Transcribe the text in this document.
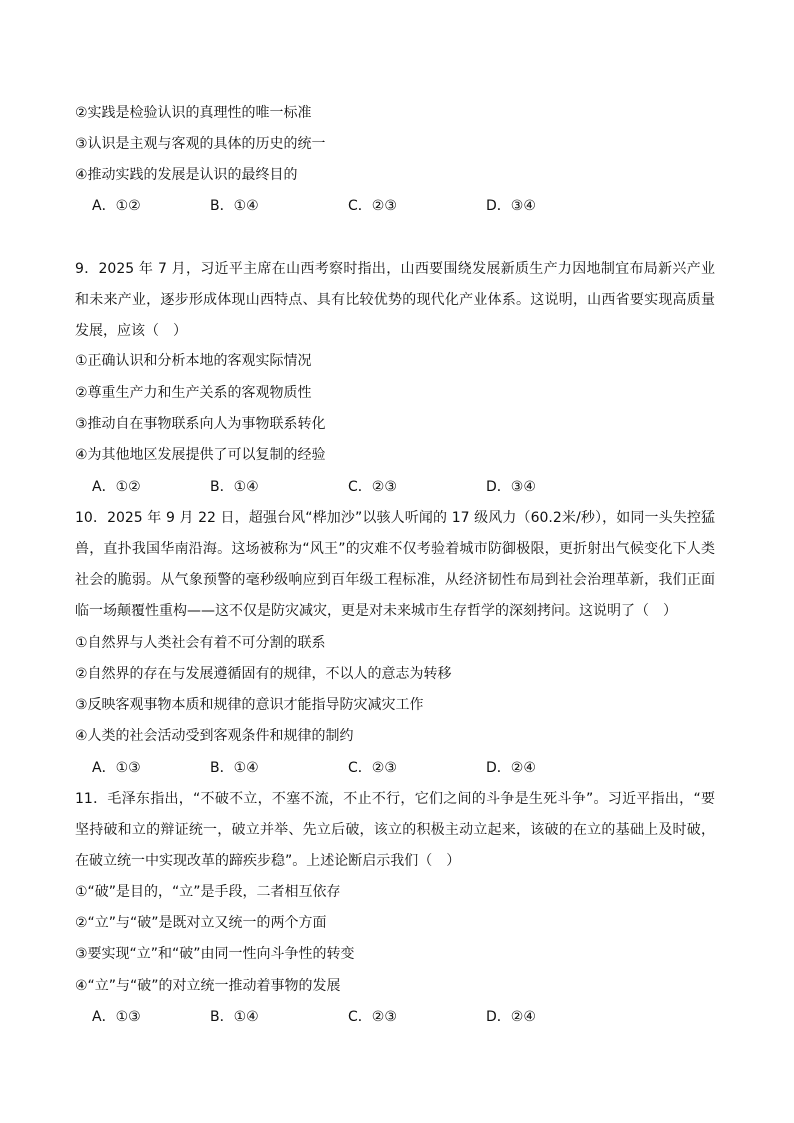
②实践是检验认识的真理性的唯一标准
③认识是主观与客观的具体的历史的统一
④推动实践的发展是认识的最终目的
A．①②	B．①④	C．②③	D．③④
9．2025 年 7 月，习近平主席在山西考察时指出，山西要围绕发展新质生产力因地制宜布局新兴产业和未来产业，逐步形成体现山西特点、具有比较优势的现代化产业体系。这说明，山西省要实现高质量发展，应该（　）
①正确认识和分析本地的客观实际情况
②尊重生产力和生产关系的客观物质性
③推动自在事物联系向人为事物联系转化
④为其他地区发展提供了可以复制的经验
A．①②	B．①④	C．②③	D．③④
10．2025 年 9 月 22 日，超强台风“桦加沙”以骇人听闻的 17 级风力（60.2米/秒），如同一头失控猛兽，直扑我国华南沿海。这场被称为“风王”的灾难不仅考验着城市防御极限，更折射出气候变化下人类社会的脆弱。从气象预警的毫秒级响应到百年级工程标准，从经济韧性布局到社会治理革新，我们正面临一场颠覆性重构——这不仅是防灾减灾，更是对未来城市生存哲学的深刻拷问。这说明了（　）
①自然界与人类社会有着不可分割的联系
②自然界的存在与发展遵循固有的规律，不以人的意志为转移
③反映客观事物本质和规律的意识才能指导防灾减灾工作
④人类的社会活动受到客观条件和规律的制约
A．①③	B．①④	C．②③	D．②④
11．毛泽东指出，“不破不立，不塞不流，不止不行，它们之间的斗争是生死斗争”。习近平指出，“要坚持破和立的辩证统一，破立并举、先立后破，该立的积极主动立起来，该破的在立的基础上及时破，在破立统一中实现改革的蹄疾步稳”。上述论断启示我们（　）
①“破”是目的，“立”是手段，二者相互依存
②“立”与“破”是既对立又统一的两个方面
③要实现“立”和“破”由同一性向斗争性的转变
④“立”与“破”的对立统一推动着事物的发展
A．①③	B．①④	C．②③	D．②④
